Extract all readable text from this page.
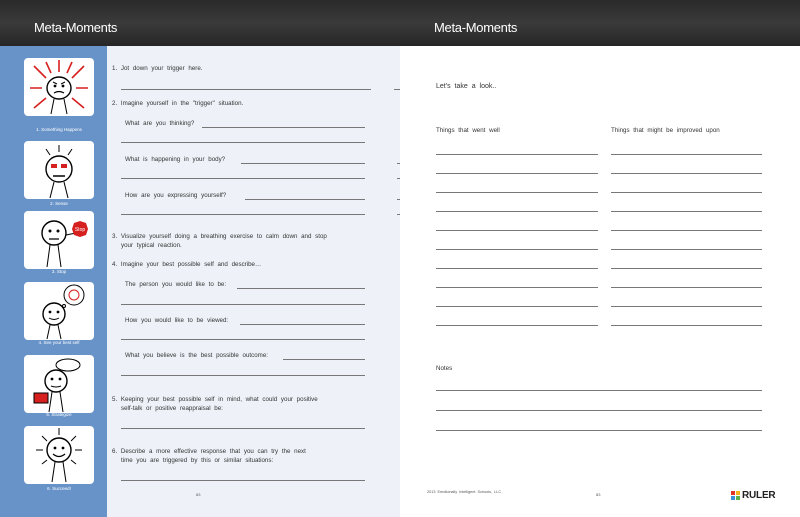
Meta-Moments
1. Something Happens
2. Sense
Stop
3. Stop
4. See your best self
5. Strategize
6. Succeed!
1. Jot down your trigger here.
2. Imagine yourself in the "trigger" situation.
What are you thinking?
What is happening in your body?
How are you expressing yourself?
3. Visualize yourself doing a breathing exercise to calm down and stop
your typical reaction.
4. Imagine your best possible self and describe…
The person you would like to be:
How you would like to be viewed:
What you believe is the best possible outcome:
5. Keeping your best possible self in mind, what could your positive
self-talk or positive reappraisal be:
6. Describe a more effective response that you can try the next
time you are triggered by this or similar situations:
83
Meta-Moments
Let's take a look..
Things that went well	Things that might be improved upon
Notes
2013 Emotionally Intelligent Schools, LLC	83	RULER
